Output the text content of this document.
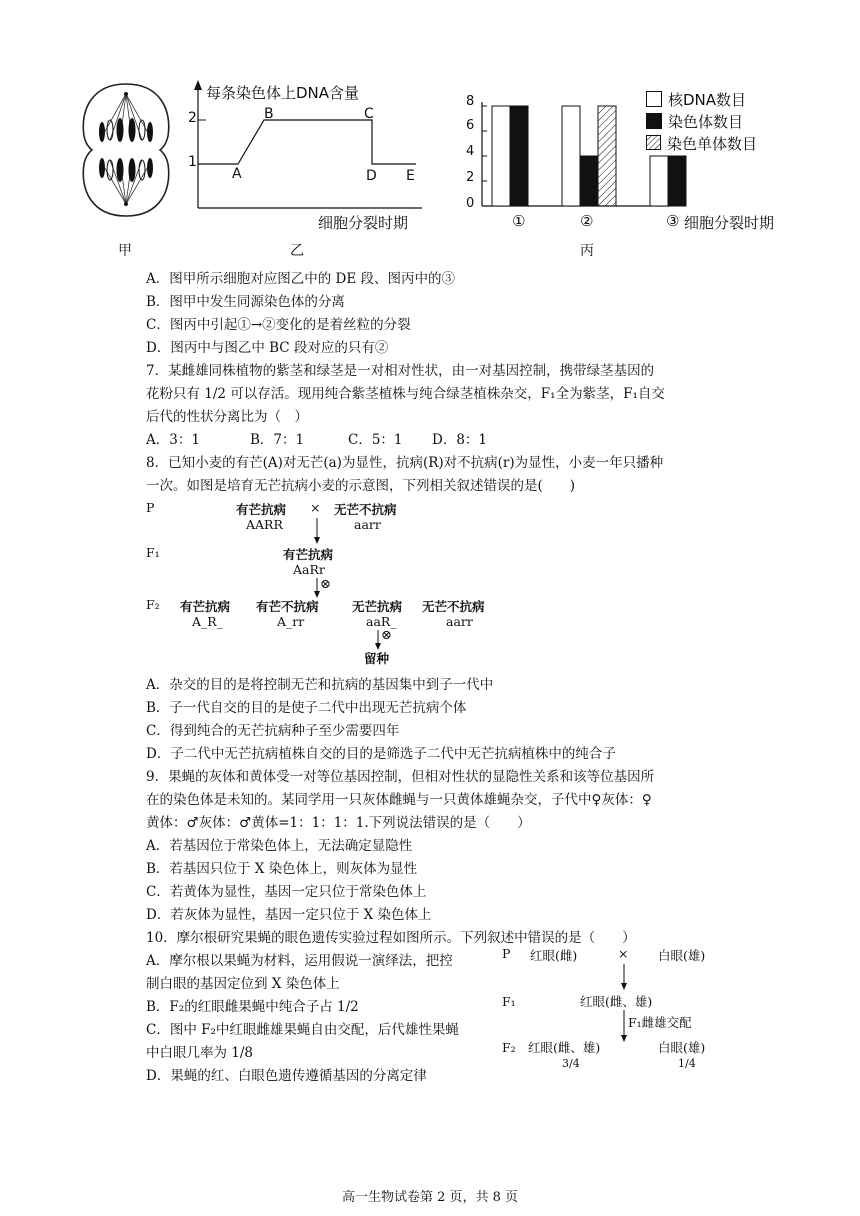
甲
每条染色体上DNA含量
2
1
A
B	C
D E
细胞分裂时期
乙
8
6
4
2
0
①	②	③ 细胞分裂时期
丙
核DNA数目
染色体数目
染色单体数目
A．图甲所示细胞对应图乙中的 DE 段、图丙中的③
B．图甲中发生同源染色体的分离
C．图丙中引起①→②变化的是着丝粒的分裂
D．图丙中与图乙中 BC 段对应的只有②
7．某雌雄同株植物的紫茎和绿茎是一对相对性状，由一对基因控制，携带绿茎基因的
花粉只有 1/2 可以存活。现用纯合紫茎植株与纯合绿茎植株杂交，F₁全为紫茎，F₁自交
后代的性状分离比为（　）
A．3：1	B．7：1	C．5：1 D．8：1
8．已知小麦的有芒(A)对无芒(a)为显性，抗病(R)对不抗病(r)为显性，小麦一年只播种
一次。如图是培育无芒抗病小麦的示意图，下列相关叙述错误的是(　　)
P	有芒抗病
AARR
× 无芒不抗病
aarr
F₁	有芒抗病
AaRr
⊗
F₂ 有芒抗病
A_R_
有芒不抗病
A_rr
无芒抗病
aaR_
无芒不抗病
aarr
⊗
留种
A．杂交的目的是将控制无芒和抗病的基因集中到子一代中
B．子一代自交的目的是使子二代中出现无芒抗病个体
C．得到纯合的无芒抗病种子至少需要四年
D．子二代中无芒抗病植株自交的目的是筛选子二代中无芒抗病植株中的纯合子
9．果蝇的灰体和黄体受一对等位基因控制，但相对性状的显隐性关系和该等位基因所
在的染色体是未知的。某同学用一只灰体雌蝇与一只黄体雄蝇杂交，子代中♀灰体：♀
黄体：♂灰体：♂黄体=1：1：1：1.下列说法错误的是（　　）
A．若基因位于常染色体上，无法确定显隐性
B．若基因只位于 X 染色体上，则灰体为显性
C．若黄体为显性，基因一定只位于常染色体上
D．若灰体为显性，基因一定只位于 X 染色体上
10．摩尔根研究果蝇的眼色遗传实验过程如图所示。下列叙述中错误的是（　　）
A．摩尔根以果蝇为材料，运用假说一演绎法，把控
制白眼的基因定位到 X 染色体上
B．F₂的红眼雌果蝇中纯合子占 1/2
C．图中 F₂中红眼雌雄果蝇自由交配，后代雄性果蝇
中白眼几率为 1/8
D．果蝇的红、白眼色遗传遵循基因的分离定律
P 红眼(雌)	× 白眼(雄)
F₁	红眼(雌、雄)
F₁雌雄交配
F₂ 红眼(雌、雄)
3/4
白眼(雄)
1/4
高一生物试卷第 2 页，共 8 页
